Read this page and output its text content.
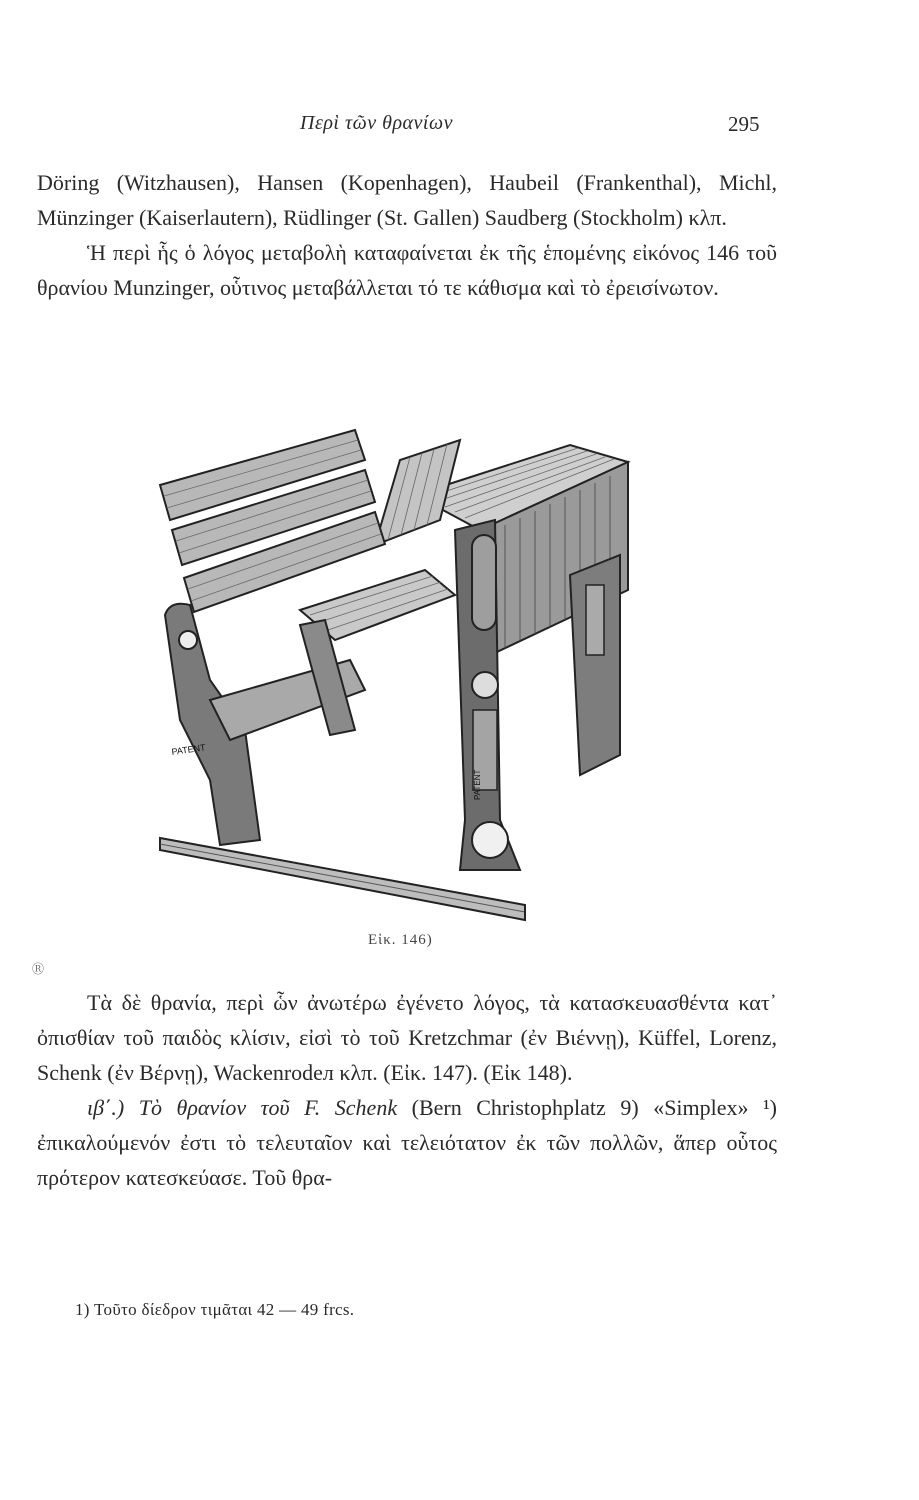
Περὶ τῶν θρανίων	295

Döring (Witzhausen), Hansen (Kopenhagen), Haubeil (Frankenthal), Michl, Münzinger (Kaiserlautern), Rüdlinger (St. Gallen) Saudberg (Stockholm) κλπ.

Ἡ περὶ ἧς ὁ λόγος μεταβολὴ καταφαίνεται ἐκ τῆς ἑπομένης εἰκόνος 146 τοῦ θρανίου Munzinger, οὗτινος μεταβάλλεται τό τε κάθισμα καὶ τὸ ἐρεισίνωτον.

PATENT
PATENT
Εἰκ. 146)
Ⓡ

Τὰ δὲ θρανία, περὶ ὧν ἀνωτέρω ἐγένετο λόγος, τὰ κατασκευασθέντα κατ᾽ ὀπισθίαν τοῦ παιδὸς κλίσιν, εἰσὶ τὸ τοῦ Kretzchmar (ἐν Βιέννῃ), Küffel, Lorenz, Schenk (ἐν Βέρνῃ), Wackenrodeл κλπ. (Εἰκ. 147). (Εἰκ 148).

ιβ΄.) Τὸ θρανίον τοῦ F. Schenk (Bern Christophplatz 9) «Simplex» ¹) ἐπικαλούμενόν ἐστι τὸ τελευταῖον καὶ τελειότατον ἐκ τῶν πολλῶν, ἅπερ οὗτος πρότερον κατεσκεύασε. Τοῦ θρα-

1) Τοῦτο δίεδρον τιμᾶται 42 — 49 frcs.
